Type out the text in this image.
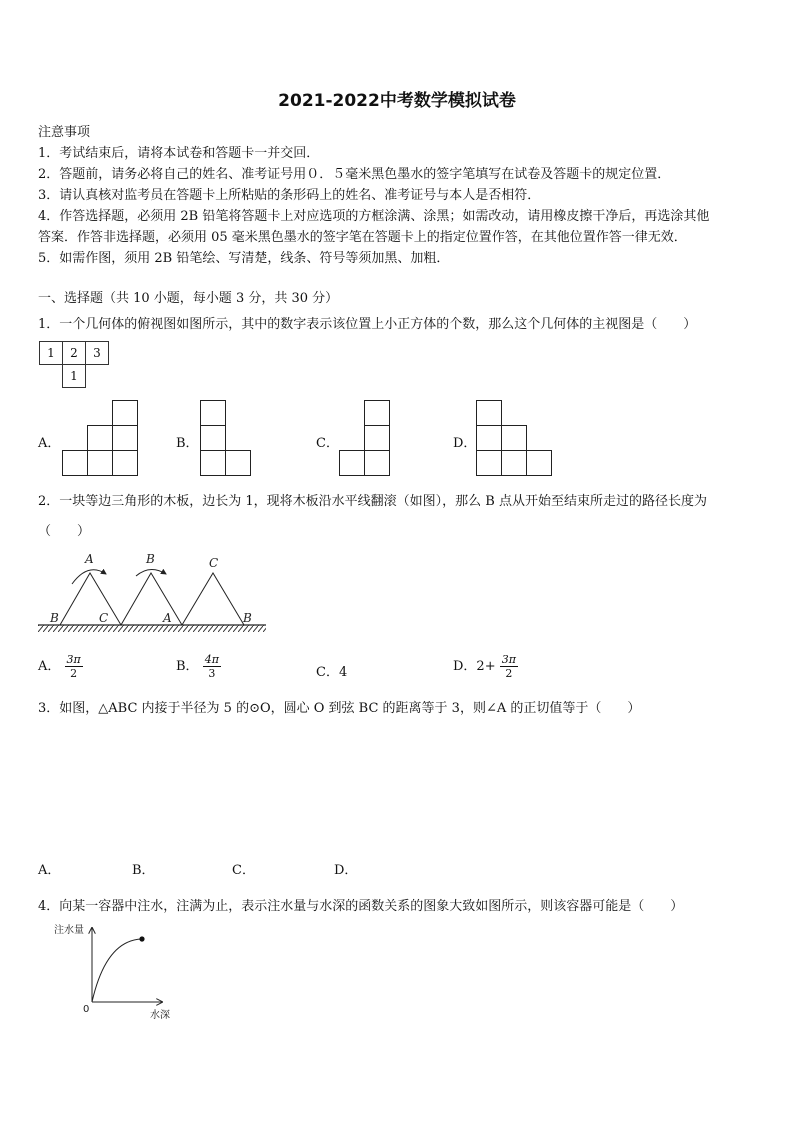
2021-2022中考数学模拟试卷
注意事项
1．考试结束后，请将本试卷和答题卡一并交回．
2．答题前，请务必将自己的姓名、准考证号用０．５毫米黑色墨水的签字笔填写在试卷及答题卡的规定位置．
3．请认真核对监考员在答题卡上所粘贴的条形码上的姓名、准考证号与本人是否相符．
4．作答选择题，必须用 2B 铅笔将答题卡上对应选项的方框涂满、涂黑；如需改动，请用橡皮擦干净后，再选涂其他
答案．作答非选择题，必须用 05 毫米黑色墨水的签字笔在答题卡上的指定位置作答，在其他位置作答一律无效．
5．如需作图，须用 2B 铅笔绘、写清楚，线条、符号等须加黑、加粗．
一、选择题（共 10 小题，每小题 3 分，共 30 分）
1．一个几何体的俯视图如图所示，其中的数字表示该位置上小正方体的个数，那么这个几何体的主视图是（　　）
1	2	3
	1	
A．	B．	C．	D．
2．一块等边三角形的木板，边长为 1，现将木板沿水平线翻滚（如图），那么 B 点从开始至结束所走过的路径长度为
（　　）
A
B	C
B	C
A	B
A． $\frac{3\pi}{2}$	B． $\frac{4\pi}{3}$	C．4	D．$2+ \frac{3\pi}{2}$
3．如图，△ABC 内接于半径为 5 的⊙O，圆心 O 到弦 BC 的距离等于 3，则∠A 的正切值等于（　　）
A．	B．	C．	D．
4．向某一容器中注水，注满为止，表示注水量与水深的函数关系的图象大致如图所示，则该容器可能是（　　）
注水量
水深
0
